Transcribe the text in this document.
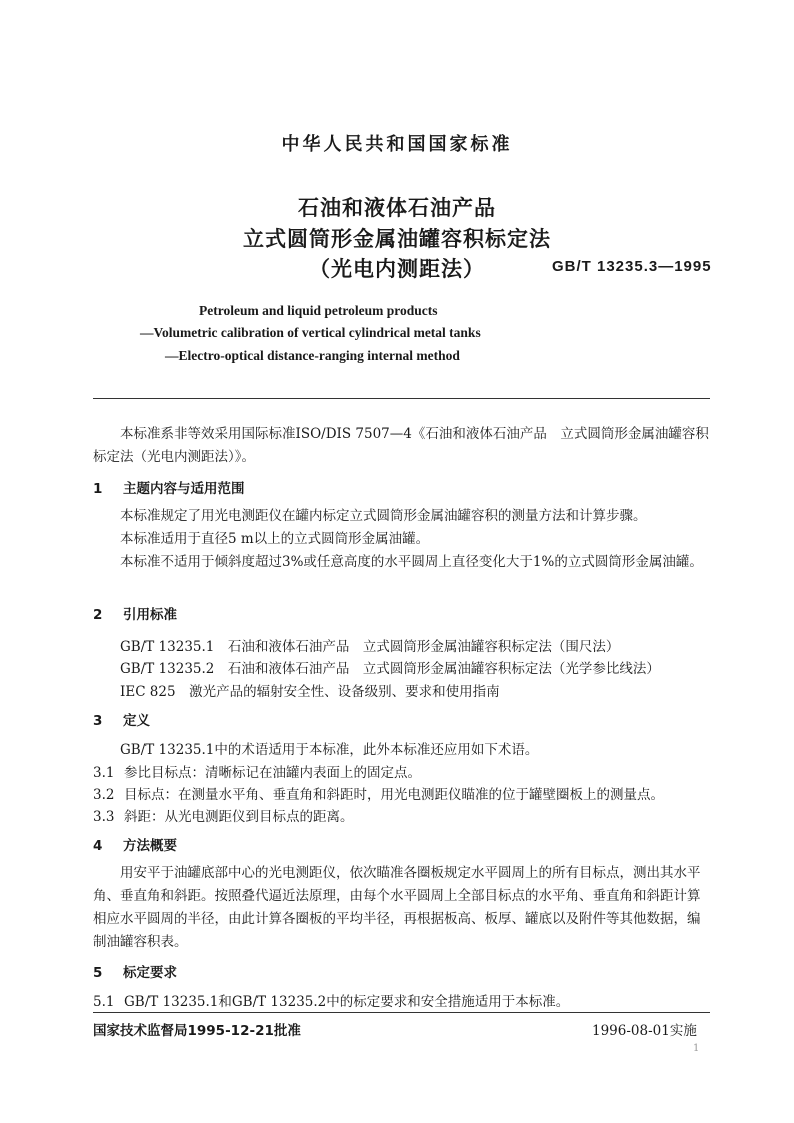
中华人民共和国国家标准
石油和液体石油产品
立式圆筒形金属油罐容积标定法
（光电内测距法）	GB/T 13235.3—1995
Petroleum and liquid petroleum products
—Volumetric calibration of vertical cylindrical metal tanks
—Electro-optical distance-ranging internal method

本标准系非等效采用国际标准ISO/DIS 7507—4《石油和液体石油产品　立式圆筒形金属油罐容积标定法（光电内测距法）》。

1 主题内容与适用范围

本标准规定了用光电测距仪在罐内标定立式圆筒形金属油罐容积的测量方法和计算步骤。

本标准适用于直径5 m以上的立式圆筒形金属油罐。

本标准不适用于倾斜度超过3%或任意高度的水平圆周上直径变化大于1%的立式圆筒形金属油罐。

2 引用标准
GB/T 13235.1　石油和液体石油产品　立式圆筒形金属油罐容积标定法（围尺法）
GB/T 13235.2　石油和液体石油产品　立式圆筒形金属油罐容积标定法（光学参比线法）
IEC 825　激光产品的辐射安全性、设备级别、要求和使用指南
3 定义
GB/T 13235.1中的术语适用于本标准，此外本标准还应用如下术语。
3.1 参比目标点：清晰标记在油罐内表面上的固定点。
3.2 目标点：在测量水平角、垂直角和斜距时，用光电测距仪瞄准的位于罐壁圈板上的测量点。
3.3 斜距：从光电测距仪到目标点的距离。
4 方法概要

用安平于油罐底部中心的光电测距仪，依次瞄准各圈板规定水平圆周上的所有目标点，测出其水平角、垂直角和斜距。按照叠代逼近法原理，由每个水平圆周上全部目标点的水平角、垂直角和斜距计算相应水平圆周的半径，由此计算各圈板的平均半径，再根据板高、板厚、罐底以及附件等其他数据，编制油罐容积表。

5 标定要求
5.1 GB/T 13235.1和GB/T 13235.2中的标定要求和安全措施适用于本标准。
国家技术监督局1995-12-21批准	1996-08-01实施
1
